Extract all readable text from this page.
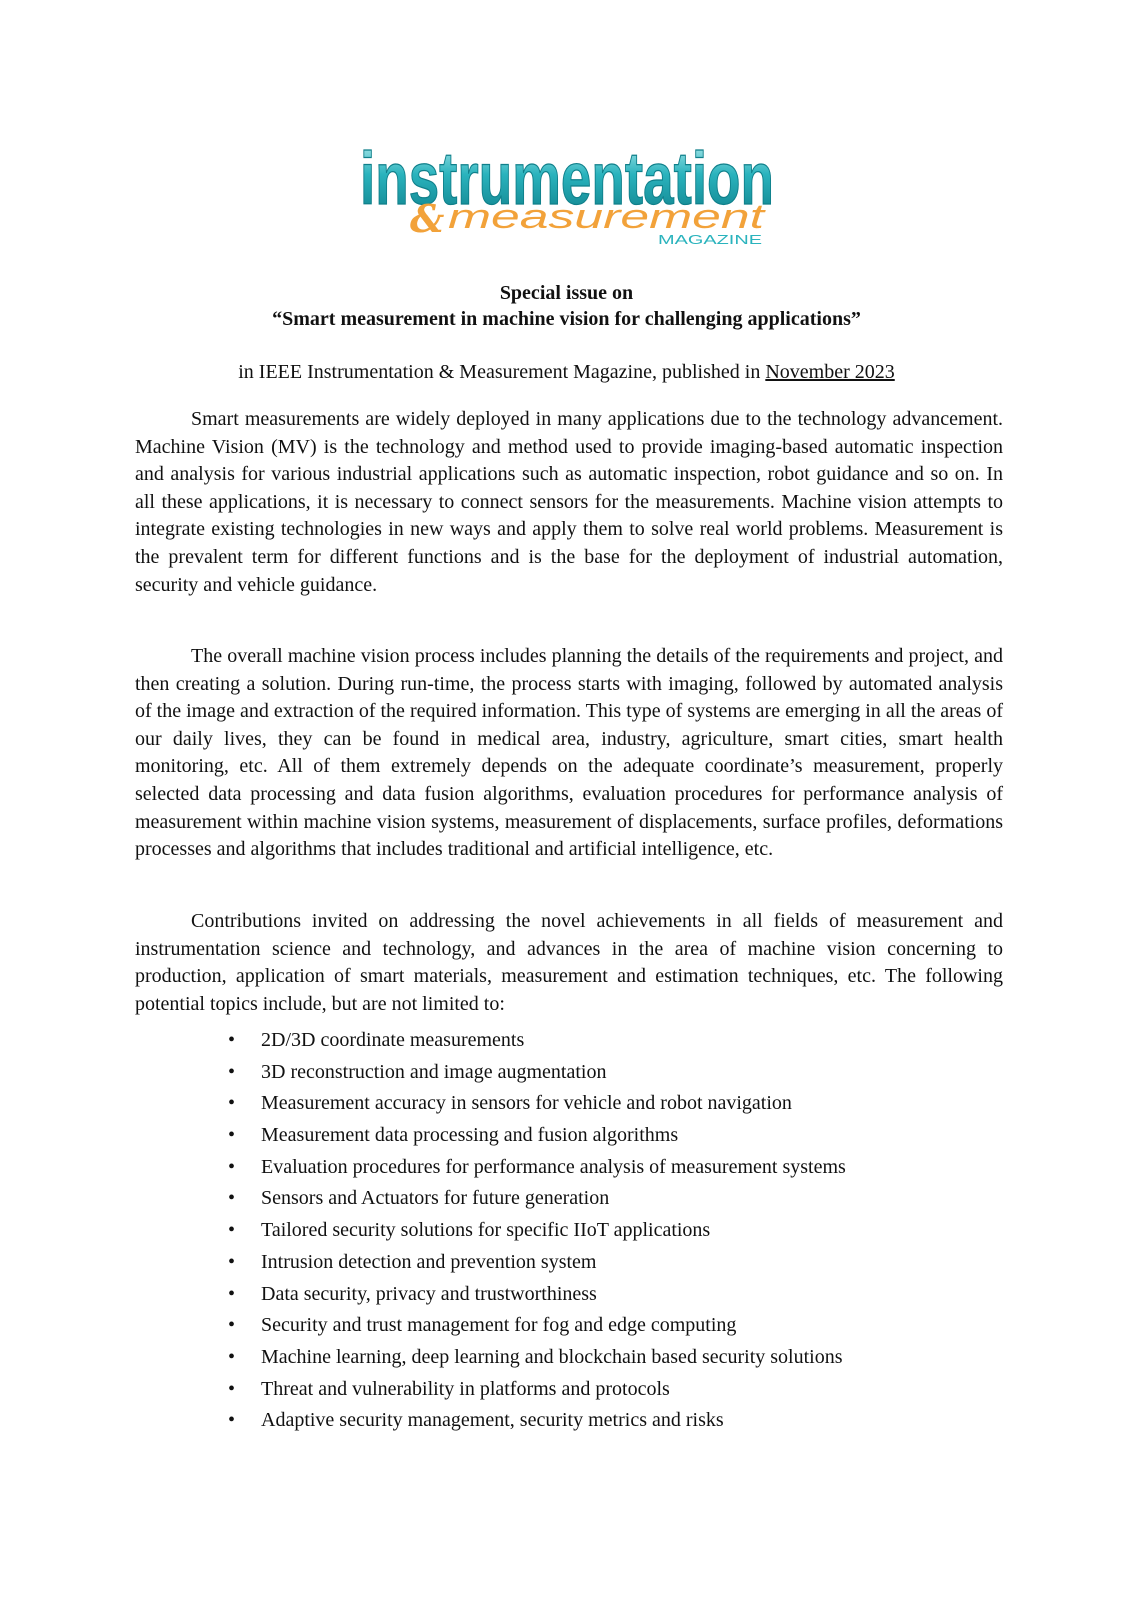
instrumentation
& measurement
MAGAZINE
Special issue on
“Smart measurement in machine vision for challenging applications”
in IEEE Instrumentation & Measurement Magazine, published in November 2023

Smart measurements are widely deployed in many applications due to the technology advancement. Machine Vision (MV) is the technology and method used to provide imaging-based automatic inspection and analysis for various industrial applications such as automatic inspection, robot guidance and so on. In all these applications, it is necessary to connect sensors for the measurements. Machine vision attempts to integrate existing technologies in new ways and apply them to solve real world problems. Measurement is the prevalent term for different functions and is the base for the deployment of industrial automation, security and vehicle guidance.

The overall machine vision process includes planning the details of the requirements and project, and then creating a solution. During run-time, the process starts with imaging, followed by automated analysis of the image and extraction of the required information. This type of systems are emerging in all the areas of our daily lives, they can be found in medical area, industry, agriculture, smart cities, smart health monitoring, etc. All of them extremely depends on the adequate coordinate’s measurement, properly selected data processing and data fusion algorithms, evaluation procedures for performance analysis of measurement within machine vision systems, measurement of displacements, surface profiles, deformations processes and algorithms that includes traditional and artificial intelligence, etc.

Contributions invited on addressing the novel achievements in all fields of measurement and instrumentation science and technology, and advances in the area of machine vision concerning to production, application of smart materials, measurement and estimation techniques, etc. The following potential topics include, but are not limited to:

•	2D/3D coordinate measurements
•	3D reconstruction and image augmentation
•	Measurement accuracy in sensors for vehicle and robot navigation
•	Measurement data processing and fusion algorithms
•	Evaluation procedures for performance analysis of measurement systems
•	Sensors and Actuators for future generation
•	Tailored security solutions for specific IIoT applications
•	Intrusion detection and prevention system
•	Data security, privacy and trustworthiness
•	Security and trust management for fog and edge computing
•	Machine learning, deep learning and blockchain based security solutions
•	Threat and vulnerability in platforms and protocols
•	Adaptive security management, security metrics and risks
